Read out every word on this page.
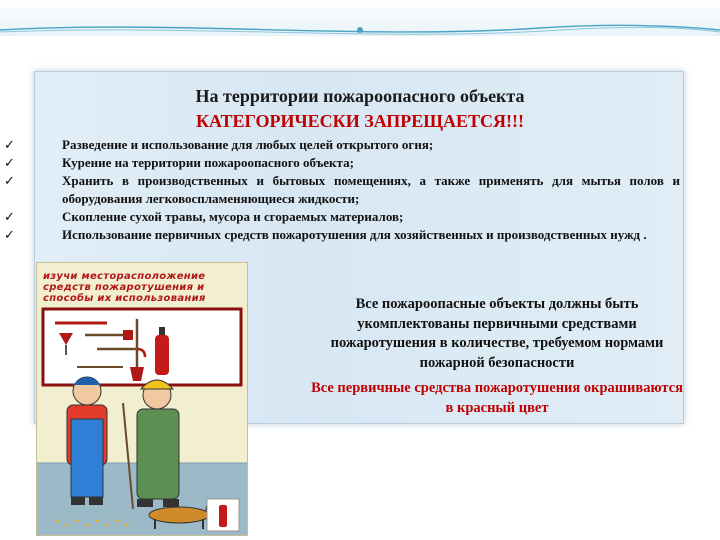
На территории пожароопасного объекта
КАТЕГОРИЧЕСКИ ЗАПРЕЩАЕТСЯ!!!
✓	Разведение и использование для любых целей открытого огня;
✓	Курение на территории пожароопасного объекта;
✓	Хранить в производственных и бытовых помещениях, а также применять для мытья полов и оборудования легковоспламеняющиеся жидкости;
✓	Скопление сухой травы, мусора и сгораемых материалов;
✓	Использование первичных средств пожаротушения для хозяйственных и производственных нужд .
изучи месторасположение средств пожаротушения и способы их использования	Все пожароопасные объекты должны быть укомплектованы первичными средствами пожаротушения в количестве, требуемом нормами пожарной безопасности
Все первичные средства пожаротушения окрашиваются в красный цвет
